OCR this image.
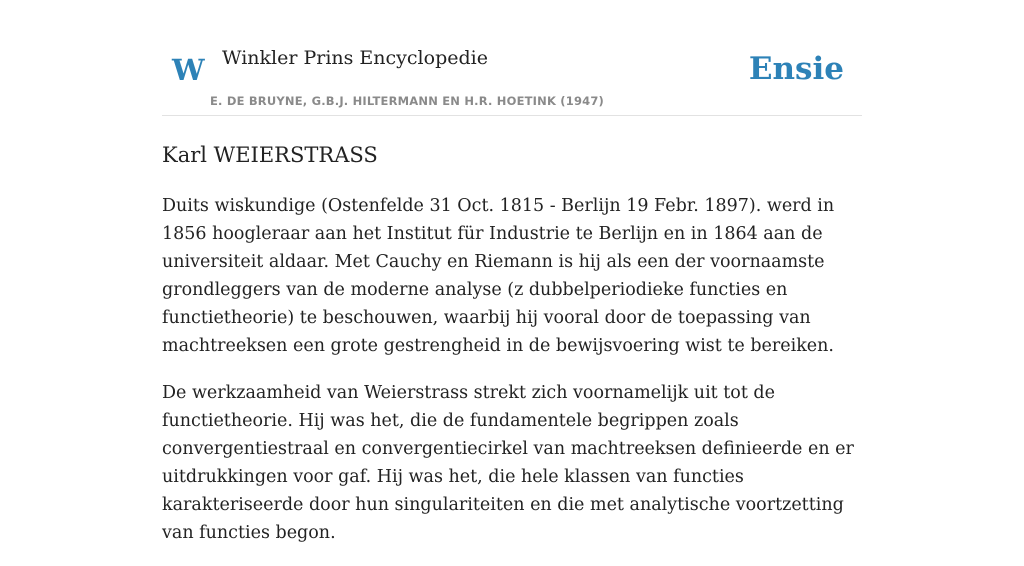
W Winkler Prins Encyclopedie
E. DE BRUYNE, G.B.J. HILTERMANN EN H.R. HOETINK (1947)
Ensie
Karl WEIERSTRASS

Duits wiskundige (Ostenfelde 31 Oct. 1815 - Berlijn 19 Febr. 1897). werd in 1856 hoogleraar aan het Institut für Industrie te Berlijn en in 1864 aan de universiteit aldaar. Met Cauchy en Riemann is hij als een der voornaamste grondleggers van de moderne analyse (z dubbelperiodieke functies en functietheorie) te beschouwen, waarbij hij vooral door de toepassing van machtreeksen een grote gestrengheid in de bewijsvoering wist te bereiken.

De werkzaamheid van Weierstrass strekt zich voornamelijk uit tot de functietheorie. Hij was het, die de fundamentele begrippen zoals convergentiestraal en convergentiecirkel van machtreeksen definieerde en er uitdrukkingen voor gaf. Hij was het, die hele klassen van functies karakteriseerde door hun singulariteiten en die met analytische voortzetting van functies begon.
